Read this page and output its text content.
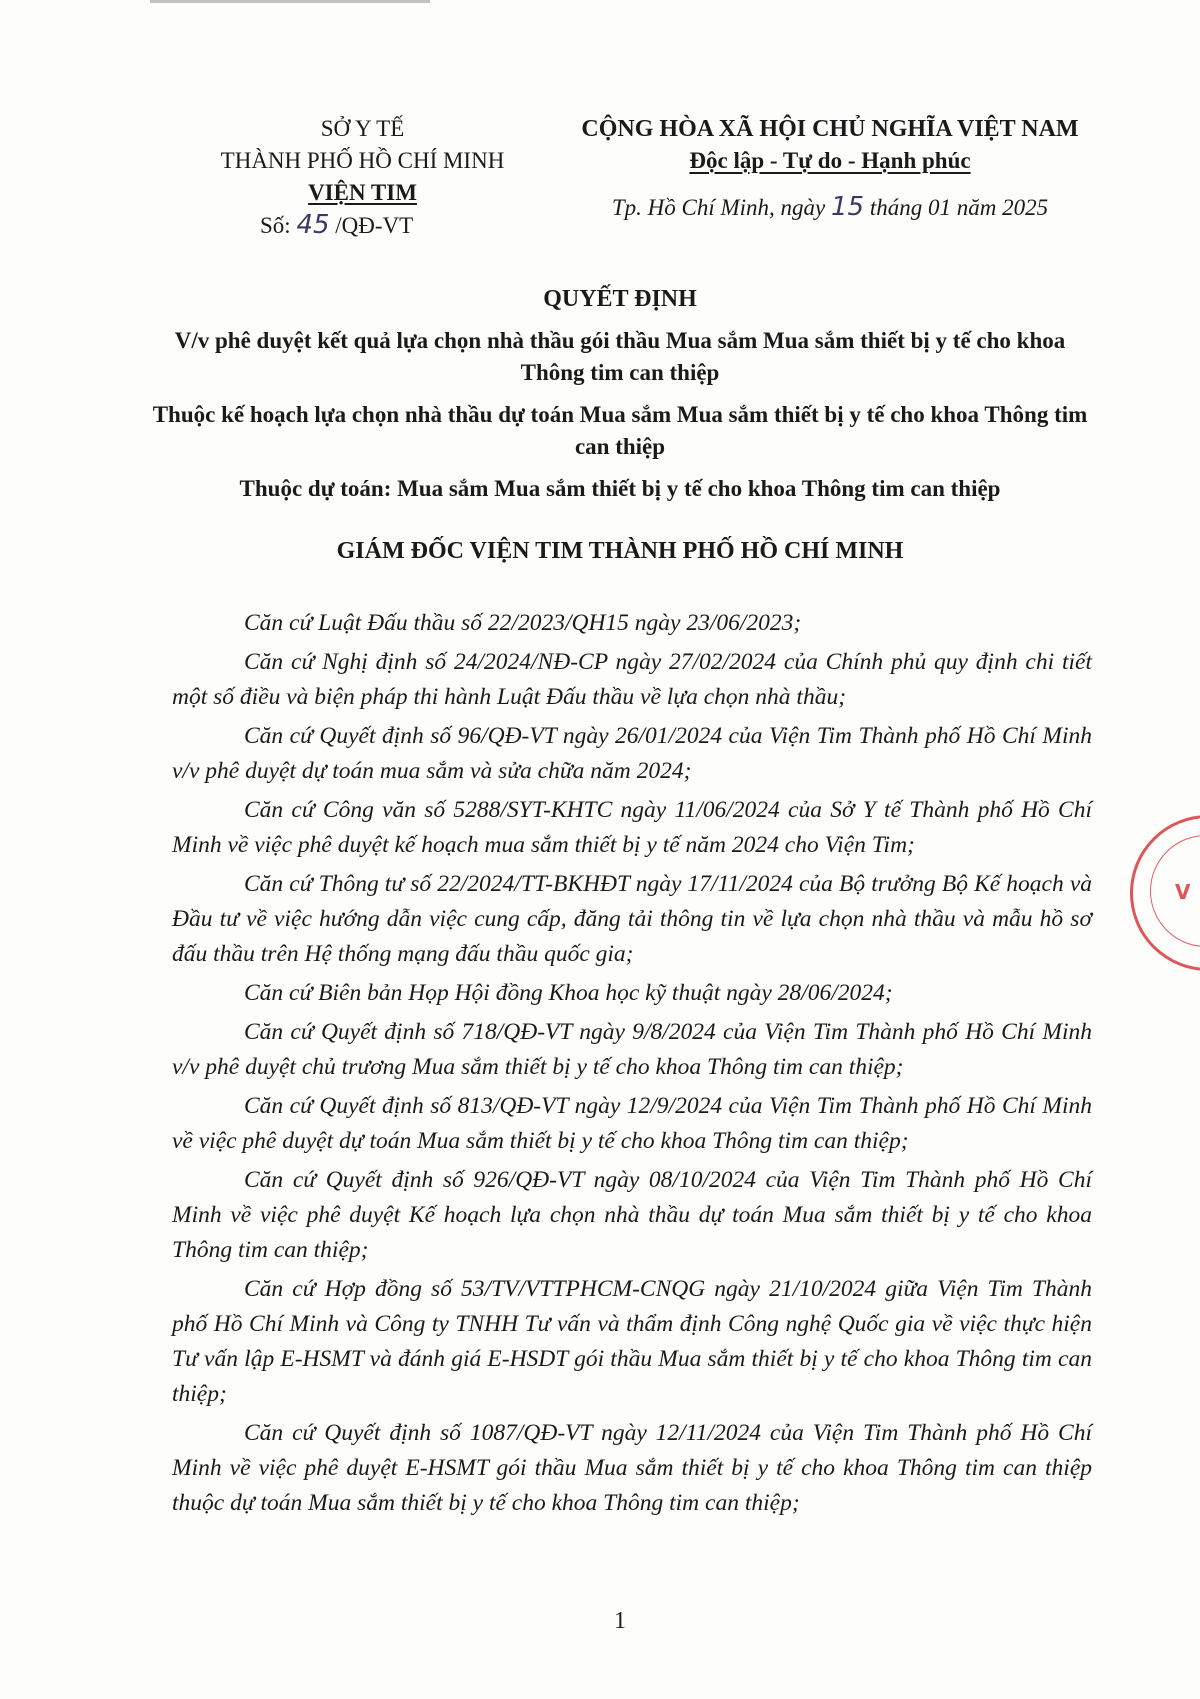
SỞ Y TẾ
THÀNH PHỐ HỒ CHÍ MINH
VIỆN TIM
Số: 45 /QĐ-VT
CỘNG HÒA XÃ HỘI CHỦ NGHĨA VIỆT NAM
Độc lập - Tự do - Hạnh phúc
Tp. Hồ Chí Minh, ngày 15 tháng 01 năm 2025
QUYẾT ĐỊNH
V/v phê duyệt kết quả lựa chọn nhà thầu gói thầu Mua sắm Mua sắm thiết bị y tế cho khoa Thông tim can thiệp
Thuộc kế hoạch lựa chọn nhà thầu dự toán Mua sắm Mua sắm thiết bị y tế cho khoa Thông tim can thiệp
Thuộc dự toán: Mua sắm Mua sắm thiết bị y tế cho khoa Thông tim can thiệp
GIÁM ĐỐC VIỆN TIM THÀNH PHỐ HỒ CHÍ MINH

Căn cứ Luật Đấu thầu số 22/2023/QH15 ngày 23/06/2023;

Căn cứ Nghị định số 24/2024/NĐ-CP ngày 27/02/2024 của Chính phủ quy định chi tiết một số điều và biện pháp thi hành Luật Đấu thầu về lựa chọn nhà thầu;

Căn cứ Quyết định số 96/QĐ-VT ngày 26/01/2024 của Viện Tim Thành phố Hồ Chí Minh v/v phê duyệt dự toán mua sắm và sửa chữa năm 2024;

Căn cứ Công văn số 5288/SYT-KHTC ngày 11/06/2024 của Sở Y tế Thành phố Hồ Chí Minh về việc phê duyệt kế hoạch mua sắm thiết bị y tế năm 2024 cho Viện Tim;

Căn cứ Thông tư số 22/2024/TT-BKHĐT ngày 17/11/2024 của Bộ trưởng Bộ Kế hoạch và Đầu tư về việc hướng dẫn việc cung cấp, đăng tải thông tin về lựa chọn nhà thầu và mẫu hồ sơ đấu thầu trên Hệ thống mạng đấu thầu quốc gia;

Căn cứ Biên bản Họp Hội đồng Khoa học kỹ thuật ngày 28/06/2024;

Căn cứ Quyết định số 718/QĐ-VT ngày 9/8/2024 của Viện Tim Thành phố Hồ Chí Minh v/v phê duyệt chủ trương Mua sắm thiết bị y tế cho khoa Thông tim can thiệp;

Căn cứ Quyết định số 813/QĐ-VT ngày 12/9/2024 của Viện Tim Thành phố Hồ Chí Minh về việc phê duyệt dự toán Mua sắm thiết bị y tế cho khoa Thông tim can thiệp;

Căn cứ Quyết định số 926/QĐ-VT ngày 08/10/2024 của Viện Tim Thành phố Hồ Chí Minh về việc phê duyệt Kế hoạch lựa chọn nhà thầu dự toán Mua sắm thiết bị y tế cho khoa Thông tim can thiệp;

Căn cứ Hợp đồng số 53/TV/VTTPHCM-CNQG ngày 21/10/2024 giữa Viện Tim Thành phố Hồ Chí Minh và Công ty TNHH Tư vấn và thẩm định Công nghệ Quốc gia về việc thực hiện Tư vấn lập E-HSMT và đánh giá E-HSDT gói thầu Mua sắm thiết bị y tế cho khoa Thông tim can thiệp;

Căn cứ Quyết định số 1087/QĐ-VT ngày 12/11/2024 của Viện Tim Thành phố Hồ Chí Minh về việc phê duyệt E-HSMT gói thầu Mua sắm thiết bị y tế cho khoa Thông tim can thiệp thuộc dự toán Mua sắm thiết bị y tế cho khoa Thông tim can thiệp;

V
1
